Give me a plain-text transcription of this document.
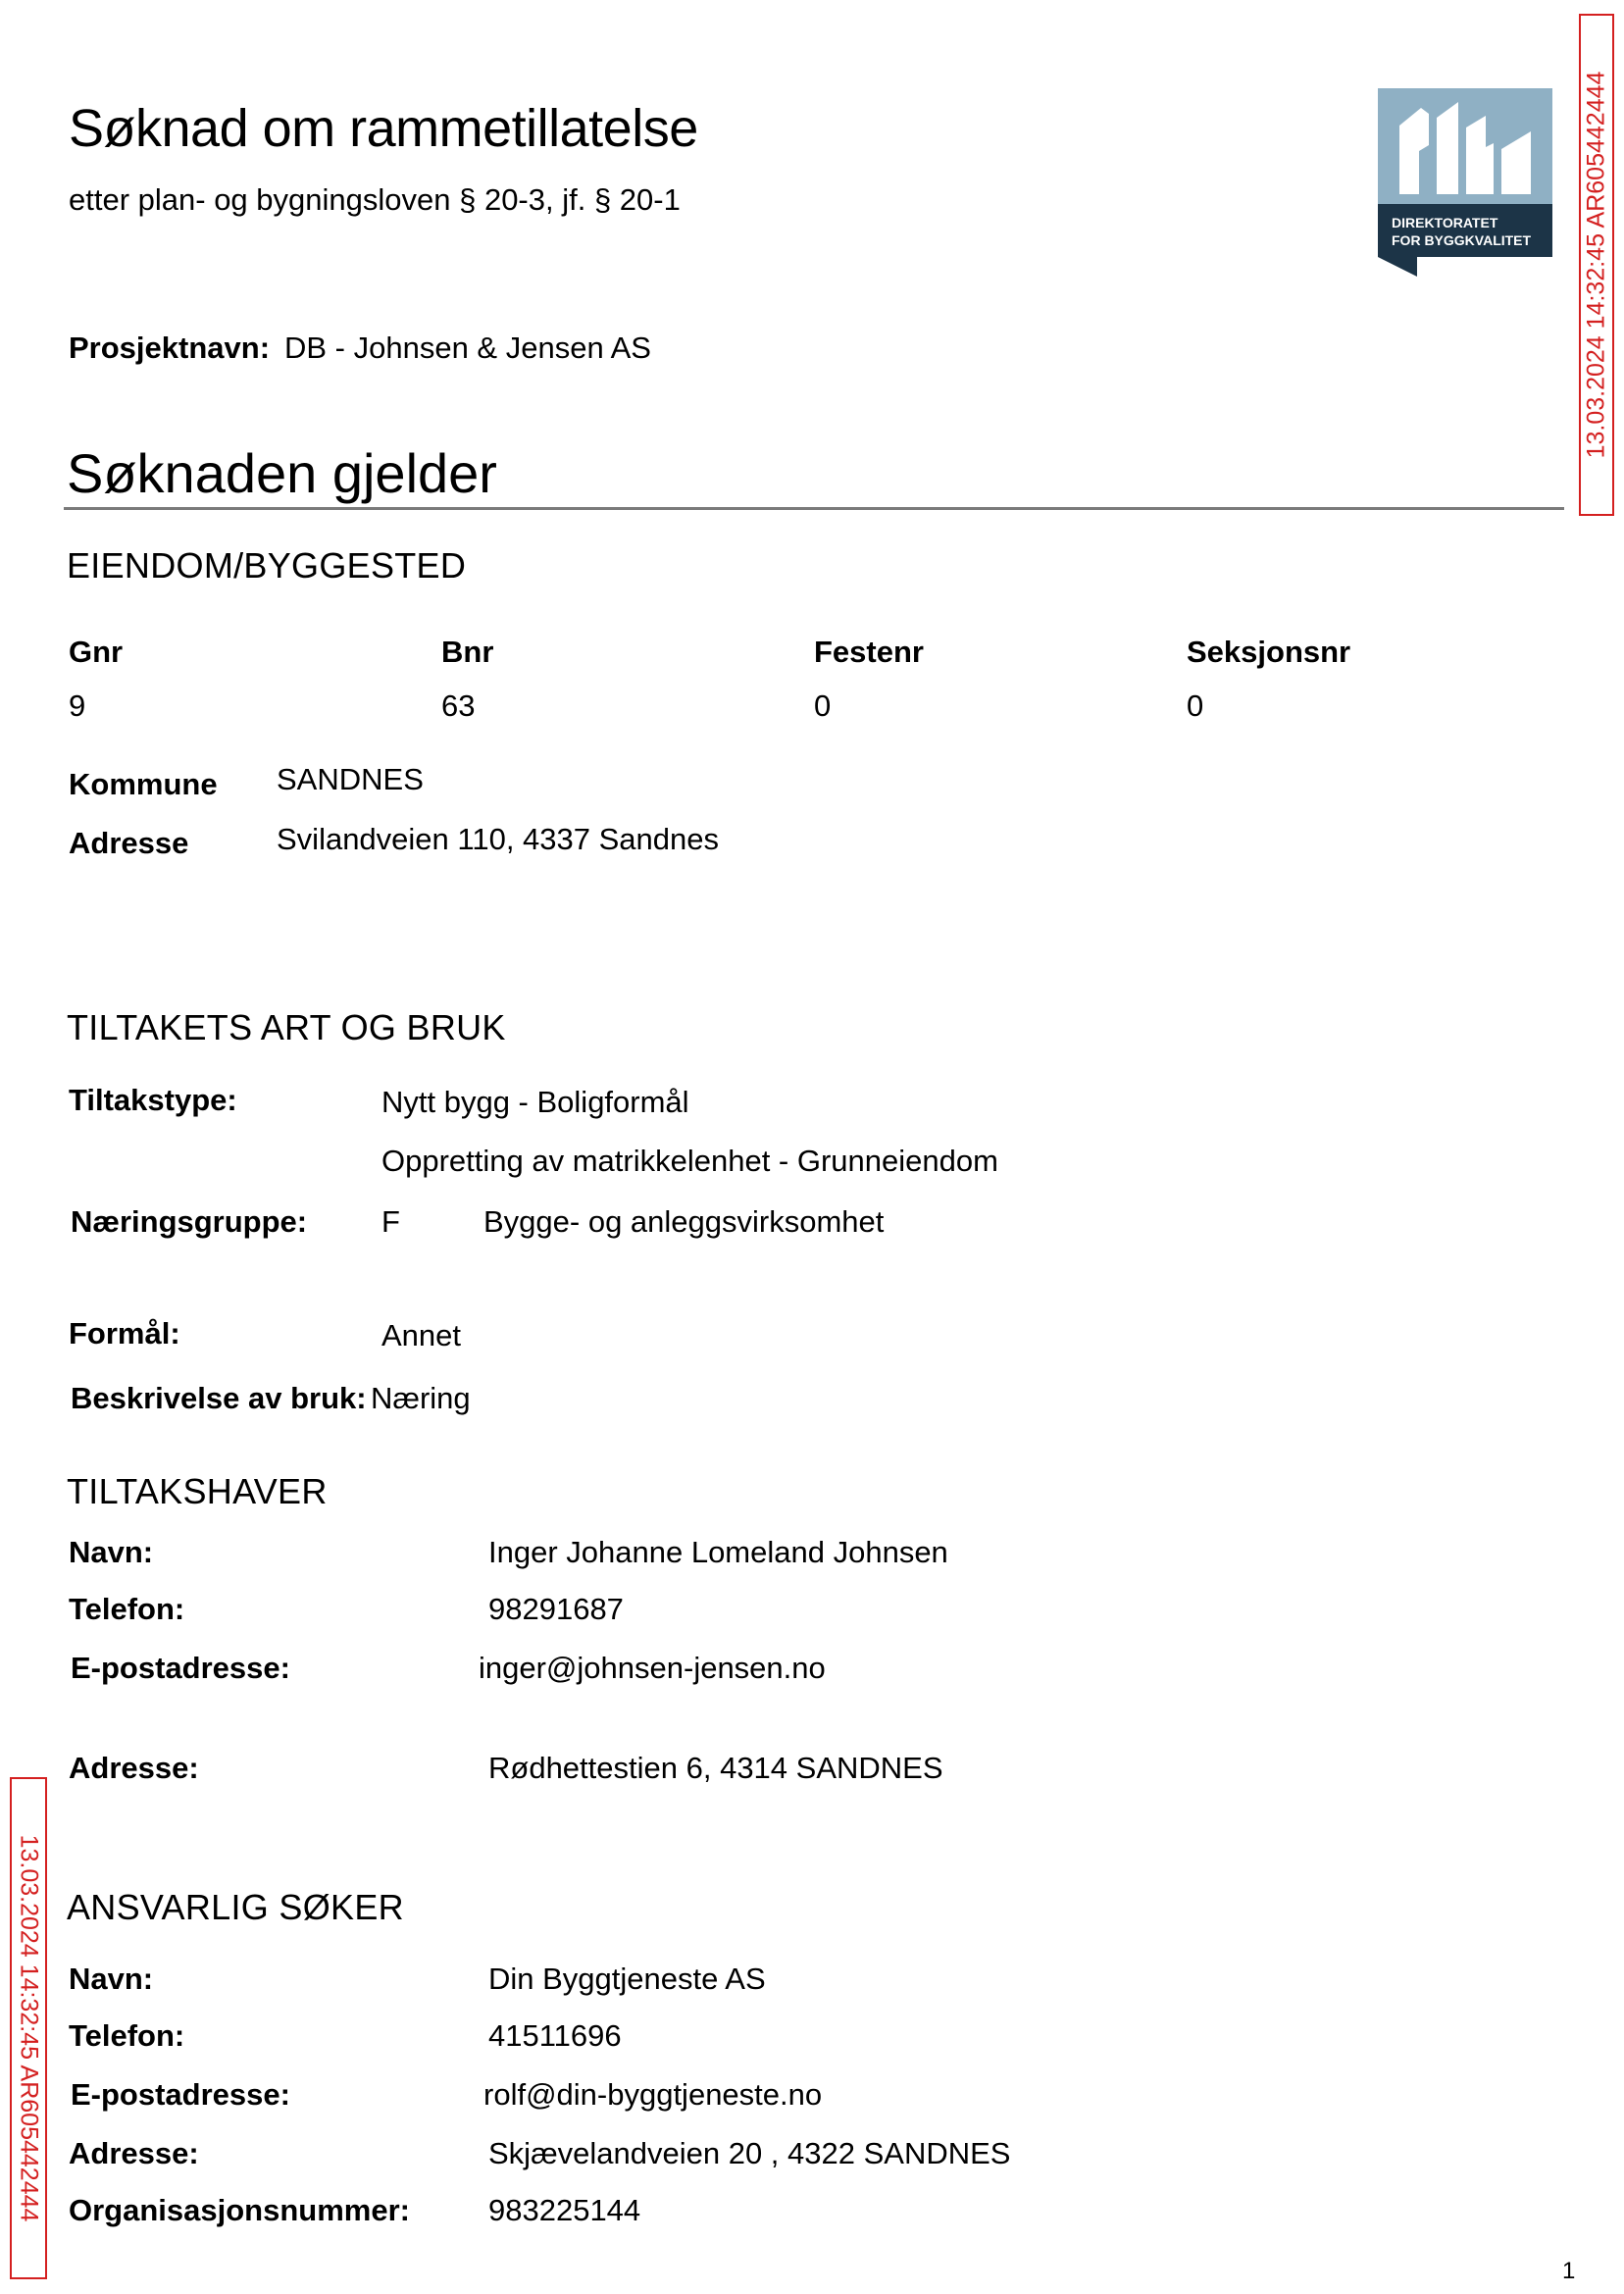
Søknad om rammetillatelse
etter plan- og bygningsloven § 20-3, jf. § 20-1
DIREKTORATET
FOR BYGGKVALITET 13.03.2024 14:32:45 AR605442444
Prosjektnavn: DB - Johnsen & Jensen AS
Søknaden gjelder
EIENDOM/BYGGESTED
Gnr	Bnr	Festenr	Seksjonsnr
9	63	0	0
Kommune SANDNES
Adresse	Svilandveien 110, 4337 Sandnes
TILTAKETS ART OG BRUK
Tiltakstype:	Nytt bygg - Boligformål
Oppretting av matrikkelenhet - Grunneiendom
Næringsgruppe: F	Bygge- og anleggsvirksomhet
Formål:	Annet
Beskrivelse av bruk: Næring
TILTAKSHAVER
Navn:	Inger Johanne Lomeland Johnsen
Telefon:	98291687
E-postadresse:	inger@johnsen-jensen.no
Adresse:	Rødhettestien 6, 4314 SANDNES
13.03.2024 14:32:45 AR605442444 ANSVARLIG SØKER
Navn:	Din Byggtjeneste AS
Telefon:	41511696
E-postadresse:	rolf@din-byggtjeneste.no
Adresse:	Skjævelandveien 20 , 4322 SANDNES
Organisasjonsnummer:	983225144
1
